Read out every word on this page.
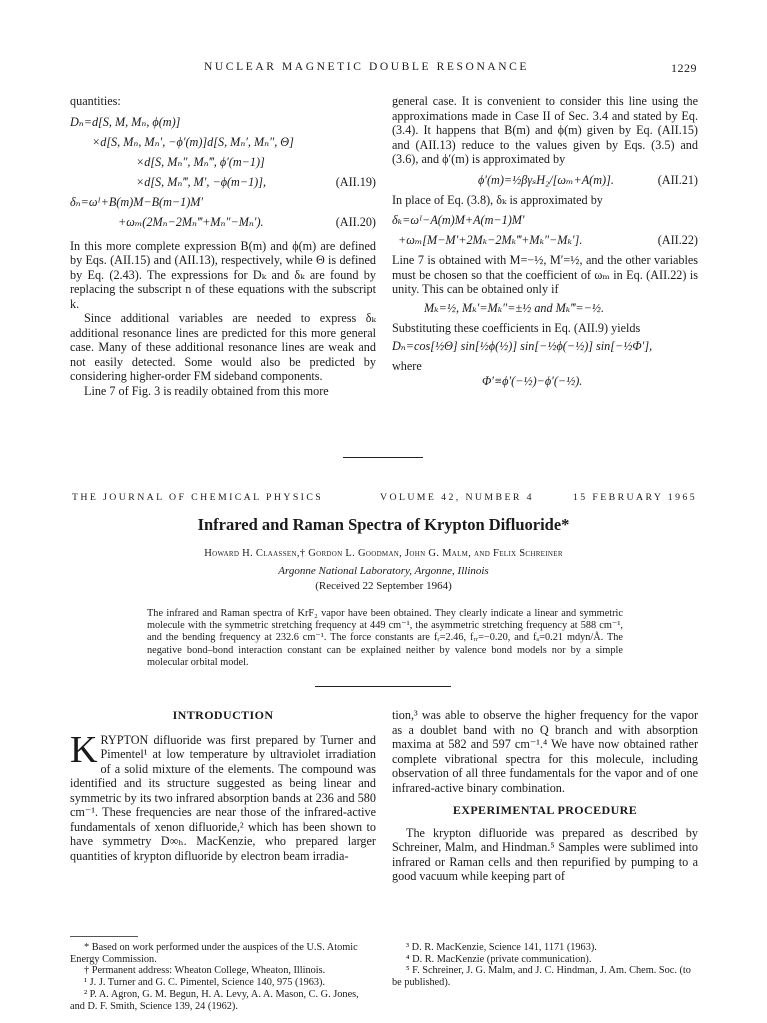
NUCLEAR MAGNETIC DOUBLE RESONANCE	1229

quantities:

Dₙ=d[S, M, Mₙ, ϕ(m)]
×d[S, Mₙ, Mₙ′, −ϕ′(m)]d[S, Mₙ′, Mₙ″, Θ]
×d[S, Mₙ″, Mₙ‴, ϕ′(m−1)]
×d[S, Mₙ‴, M′, −ϕ(m−1)],	(AII.19)
δₙ=ωᴵ+B(m)M−B(m−1)M′
+ωₘ(2Mₙ−2Mₙ‴+Mₙ″−Mₙ′).	(AII.20)

In this more complete expression B(m) and ϕ(m) are defined by Eqs. (AII.15) and (AII.13), respectively, while Θ is defined by Eq. (2.43). The expressions for Dₖ and δₖ are found by replacing the subscript n of these equations with the subscript k.

Since additional variables are needed to express δₖ additional resonance lines are predicted for this more general case. Many of these additional resonance lines are weak and not easily detected. Some would also be predicted by considering higher-order FM sideband components.

Line 7 of Fig. 3 is readily obtained from this more

general case. It is convenient to consider this line using the approximations made in Case II of Sec. 3.4 and stated by Eq. (3.4). It happens that B(m) and ϕ(m) given by Eq. (AII.15) and (AII.13) reduce to the values given by Eqs. (3.5) and (3.6), and ϕ′(m) is approximated by

ϕ′(m)=½βγₛH₂/[ωₘ+A(m)].	(AII.21)

In place of Eq. (3.8), δₖ is approximated by

δₖ=ωᴵ−A(m)M+A(m−1)M′
+ωₘ[M−M′+2Mₖ−2Mₖ‴+Mₖ″−Mₖ′].	(AII.22)

Line 7 is obtained with M=−½, M′=½, and the other variables must be chosen so that the coefficient of ωₘ in Eq. (AII.22) is unity. This can be obtained only if

Mₖ=½, Mₖ′=Mₖ″=±½ and Mₖ‴=−½.

Substituting these coefficients in Eq. (AII.9) yields

Dₙ=cos[½Θ] sin[½ϕ(½)] sin[−½ϕ(−½)] sin[−½Φ′],

where

Φ′≡ϕ′(−½)−ϕ′(−½).
THE JOURNAL OF CHEMICAL PHYSICS	VOLUME 42, NUMBER 4	15 FEBRUARY 1965
Infrared and Raman Spectra of Krypton Difluoride*
Howard H. Claassen,† Gordon L. Goodman, John G. Malm, and Felix Schreiner
Argonne National Laboratory, Argonne, Illinois
(Received 22 September 1964)
The infrared and Raman spectra of KrF₂ vapor have been obtained. They clearly indicate a linear and symmetric molecule with the symmetric stretching frequency at 449 cm⁻¹, the asymmetric stretching frequency at 588 cm⁻¹, and the bending frequency at 232.6 cm⁻¹. The force constants are fᵣ=2.46, fᵣᵣ=−0.20, and fₐ=0.21 mdyn/Å. The negative bond–bond interaction constant can be explained neither by valence bond models nor by a simple molecular orbital model.

INTRODUCTION

KRYPTON difluoride was first prepared by Turner and Pimentel¹ at low temperature by ultraviolet irradiation of a solid mixture of the elements. The compound was identified and its structure suggested as being linear and symmetric by its two infrared absorption bands at 236 and 580 cm⁻¹. These frequencies are near those of the infrared-active fundamentals of xenon difluoride,² which has been shown to have symmetry D∞ₕ. MacKenzie, who prepared larger quantities of krypton difluoride by electron beam irradia-

* Based on work performed under the auspices of the U.S. Atomic Energy Commission.

† Permanent address: Wheaton College, Wheaton, Illinois.

¹ J. J. Turner and G. C. Pimentel, Science 140, 975 (1963).

² P. A. Agron, G. M. Begun, H. A. Levy, A. A. Mason, C. G. Jones, and D. F. Smith, Science 139, 24 (1962).

tion,³ was able to observe the higher frequency for the vapor as a doublet band with no Q branch and with absorption maxima at 582 and 597 cm⁻¹.⁴ We have now obtained rather complete vibrational spectra for this molecule, including observation of all three fundamentals for the vapor and of one infrared-active binary combination.

EXPERIMENTAL PROCEDURE

The krypton difluoride was prepared as described by Schreiner, Malm, and Hindman.⁵ Samples were sublimed into infrared or Raman cells and then repurified by pumping to a good vacuum while keeping part of

³ D. R. MacKenzie, Science 141, 1171 (1963).

⁴ D. R. MacKenzie (private communication).

⁵ F. Schreiner, J. G. Malm, and J. C. Hindman, J. Am. Chem. Soc. (to be published).
